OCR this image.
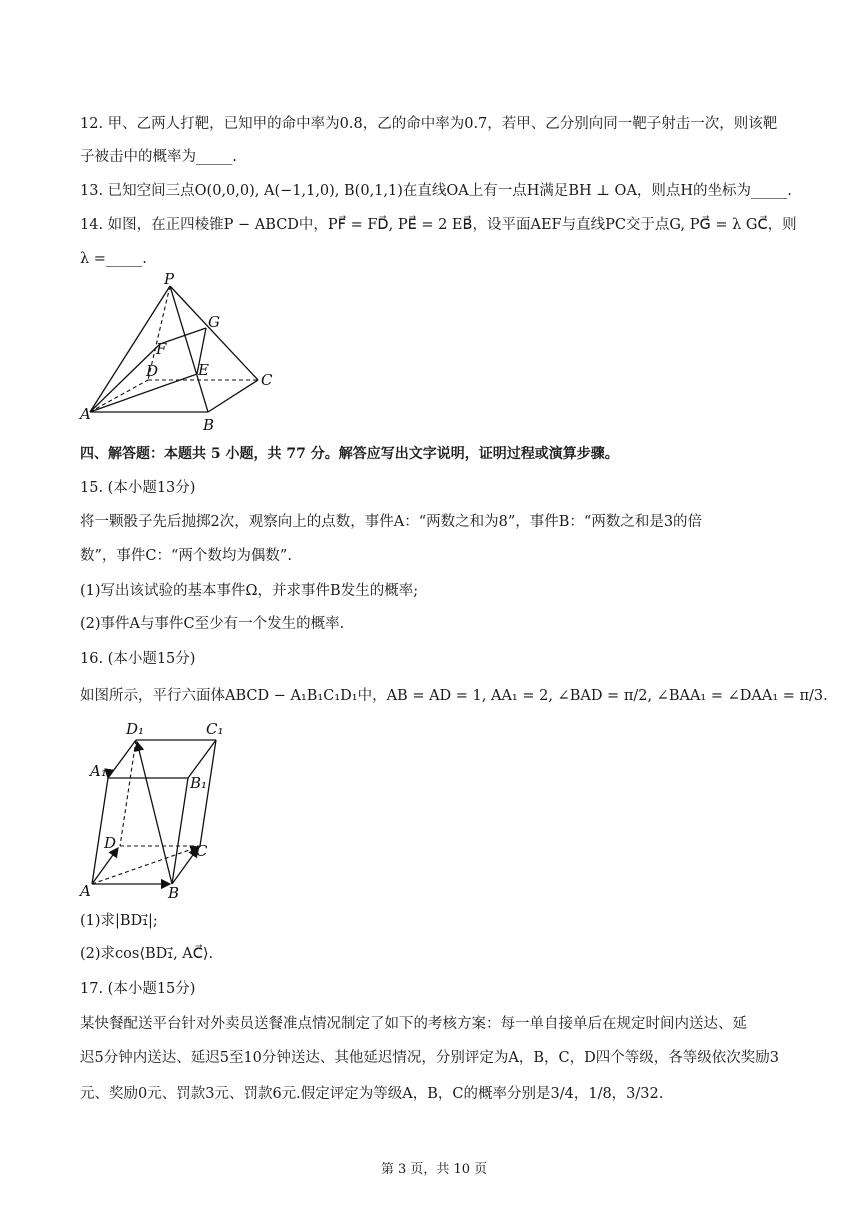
12. 甲、乙两人打靶，已知甲的命中率为0.8，乙的命中率为0.7，若甲、乙分别向同一靶子射击一次，则该靶
子被击中的概率为_____.
13. 已知空间三点O(0,0,0), A(−1,1,0), B(0,1,1)在直线OA上有一点H满足BH ⊥ OA，则点H的坐标为_____.
14. 如图，在正四棱锥P − ABCD中，PF⃗ = FD⃗, PE⃗ = 2 EB⃗，设平面AEF与直线PC交于点G, PG⃗ = λ GC⃗，则
λ =_____.
P
G
F
D	E
C
A
B
四、解答题：本题共 5 小题，共 77 分。解答应写出文字说明，证明过程或演算步骤。
15. (本小题13分)
将一颗骰子先后抛掷2次，观察向上的点数，事件A：“两数之和为8”，事件B：“两数之和是3的倍
数”，事件C：“两个数均为偶数”.
(1)写出该试验的基本事件Ω，并求事件B发生的概率;
(2)事件A与事件C至少有一个发生的概率.
16. (本小题15分)
如图所示，平行六面体ABCD − A₁B₁C₁D₁中，AB = AD = 1, AA₁ = 2, ∠BAD = π/2, ∠BAA₁ = ∠DAA₁ = π/3.
D₁	C₁
A₁
B₁
D	C
A	B
(1)求|BD₁⃗|;
(2)求cos⟨BD₁⃗, AC⃗⟩.
17. (本小题15分)
某快餐配送平台针对外卖员送餐准点情况制定了如下的考核方案：每一单自接单后在规定时间内送达、延
迟5分钟内送达、延迟5至10分钟送达、其他延迟情况，分别评定为A，B，C，D四个等级，各等级依次奖励3
元、奖励0元、罚款3元、罚款6元.假定评定为等级A，B，C的概率分别是3/4，1/8，3/32.
第 3 页，共 10 页
